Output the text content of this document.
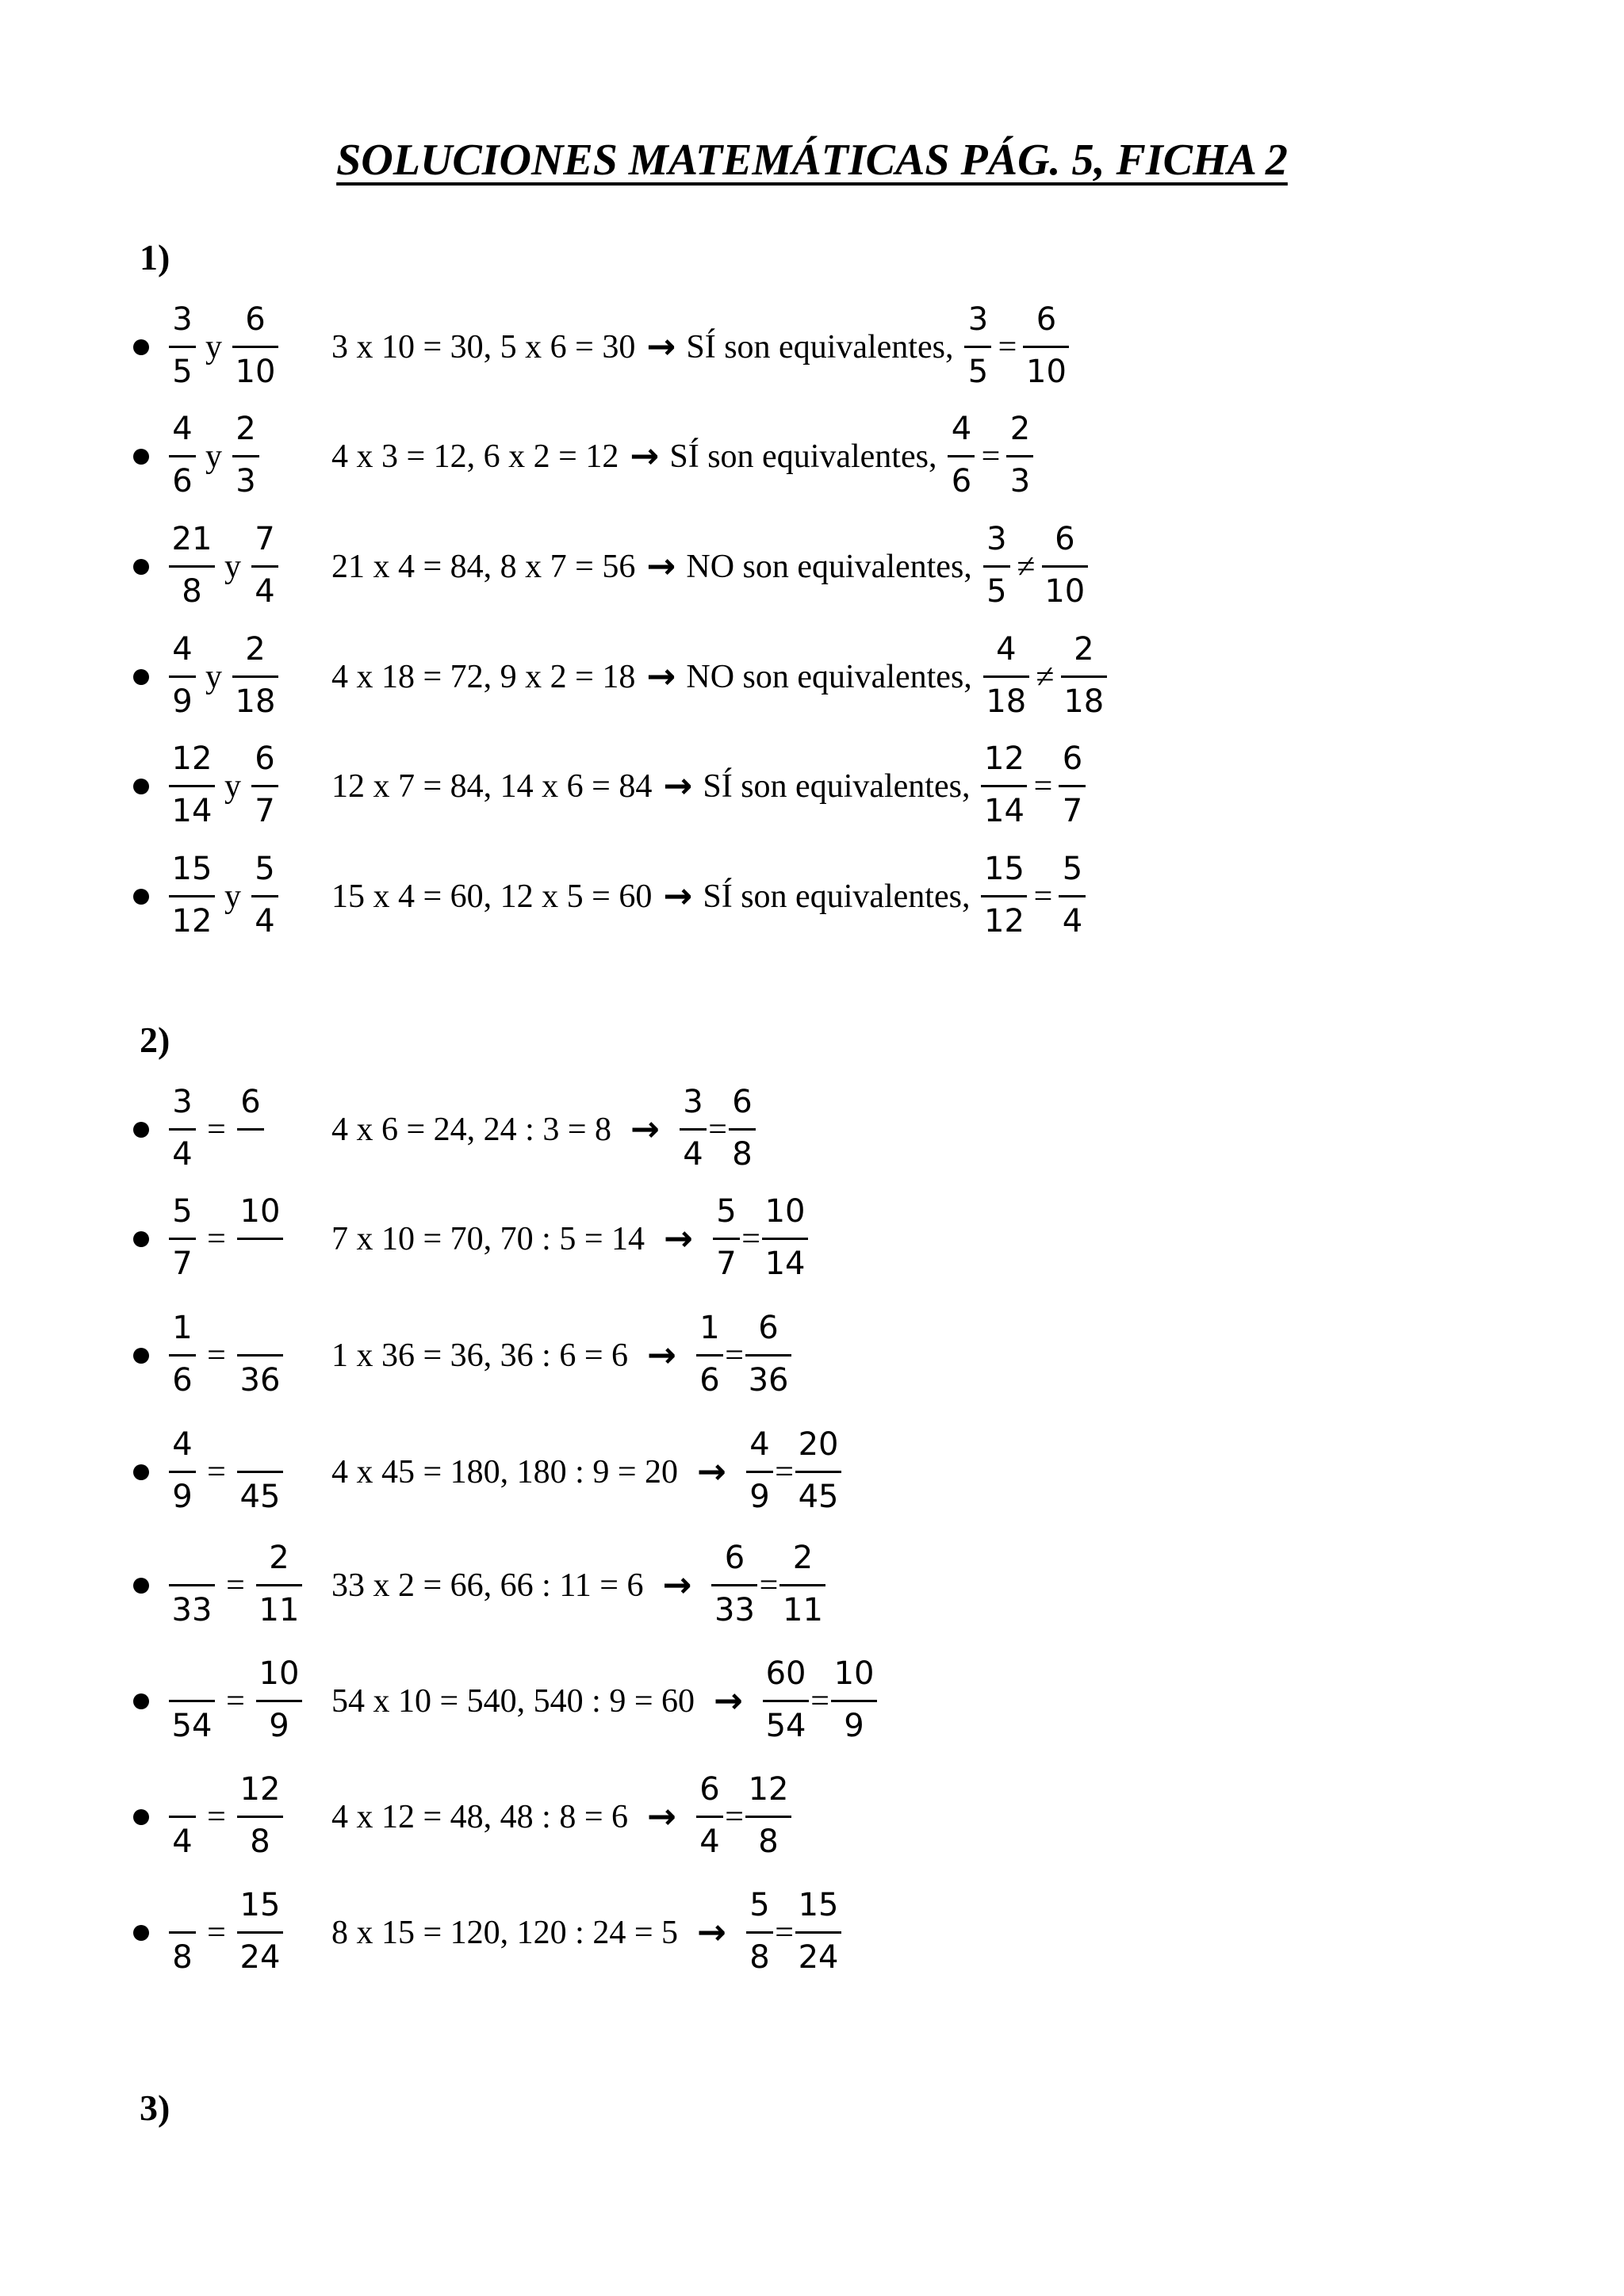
SOLUCIONES MATEMÁTICAS PÁG. 5, FICHA 2
1)
3
5
y
6
10
3 x 10 = 30, 5 x 6 = 30 → SÍ son equivalentes,
3
5
=
6
10
4
6
y
2
3
4 x 3 = 12, 6 x 2 = 12 → SÍ son equivalentes,
4
6
=
2
3
21
8
y
7
4
21 x 4 = 84, 8 x 7 = 56 → NO son equivalentes,
3
5
≠
6
10
4
9
y
2
18
4 x 18 = 72, 9 x 2 = 18 → NO son equivalentes,
4
18
≠
2
18
12
14
y
6
7
12 x 7 = 84, 14 x 6 = 84 → SÍ son equivalentes,
12
14
=
6
7
15
12
y
5
4
15 x 4 = 60, 12 x 5 = 60 → SÍ son equivalentes,
15
12
=
5
4
2)
3
4
=
6
4 x 6 = 24, 24 : 3 = 8 →
3
4
=
6
8
5
7
=
10
7 x 10 = 70, 70 : 5 = 14 →
5
7
=
10
14
1
6
=
36
1 x 36 = 36, 36 : 6 = 6 →
1
6
=
6
36
4
9
=
45
4 x 45 = 180, 180 : 9 = 20 →
4
9
=
20
45
33
=
2
11
33 x 2 = 66, 66 : 11 = 6 →
6
33
=
2
11
54
=
10
9
54 x 10 = 540, 540 : 9 = 60 →
60
54
=
10
9
4
=
12
8
4 x 12 = 48, 48 : 8 = 6 →
6
4
=
12
8
8
=
15
24
8 x 15 = 120, 120 : 24 = 5 →
5
8
=
15
24
3)
